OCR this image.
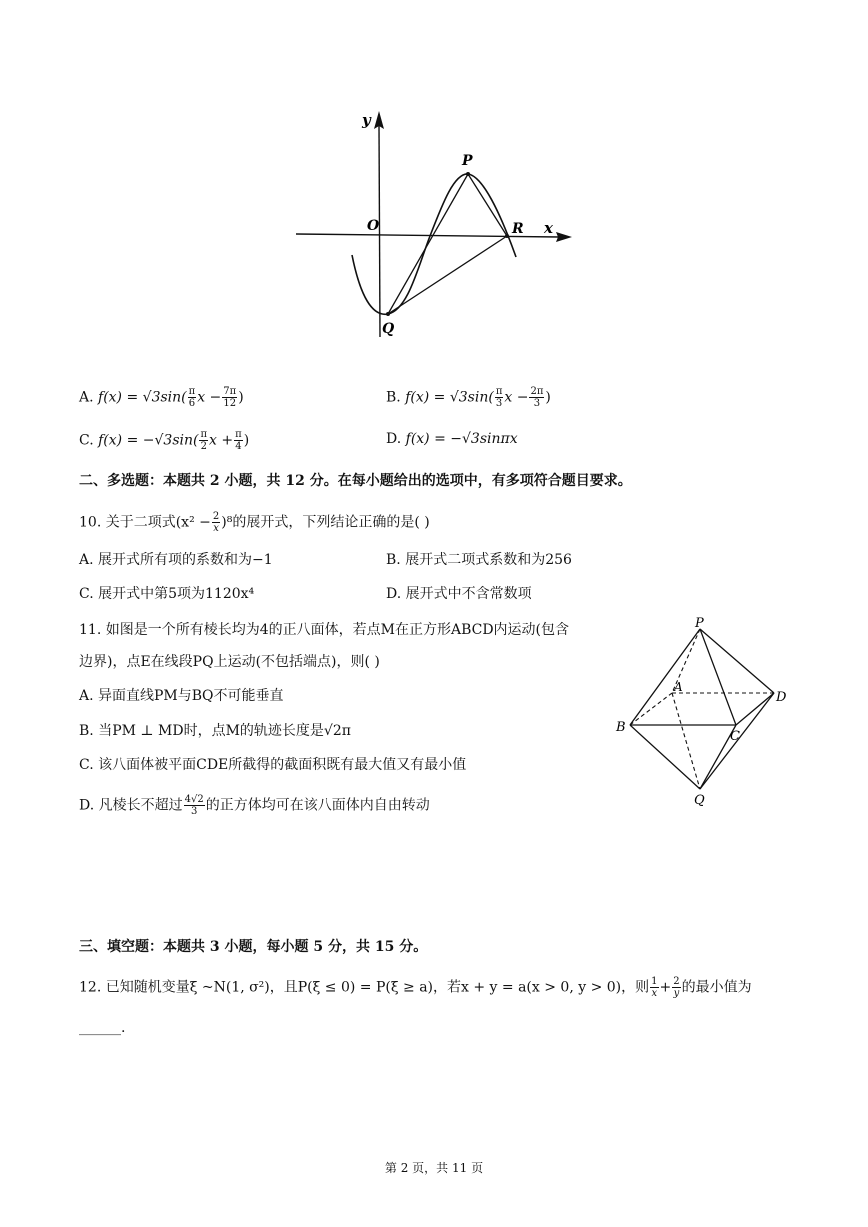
y
x
O
P
R
Q
A. $f(x) = √3\sin( \frac{\pi}{6}$ $x - \frac{7\pi}{12}$ )	B. $f(x) = √3\sin( \frac{\pi}{3}$ $x - \frac{2\pi}{3}$ )
C. $f(x) = -√3\sin( \frac{\pi}{2}$ $x + \frac{\pi}{4}$ )	D. f(x) = −√3sinπx
二、多选题：本题共 2 小题，共 12 分。在每小题给出的选项中，有多项符合题目要求。
10. 关于二项式$(x^2 - \frac{2}{x} )^8$的展开式，下列结论正确的是( )
A. 展开式所有项的系数和为−1	B. 展开式二项式系数和为256
C. 展开式中第5项为1120x⁴	D. 展开式中不含常数项
11. 如图是一个所有棱长均为4的正八面体，若点M在正方形ABCD内运动(包含
边界)，点E在线段PQ上运动(不包括端点)，则( )
A. 异面直线PM与BQ不可能垂直
B. 当PM ⊥ MD时，点M的轨迹长度是√2π
C. 该八面体被平面CDE所截得的截面积既有最大值又有最小值
D. 凡棱长不超过 $\frac{4√2}{3}$ 的正方体均可在该八面体内自由转动
P
A
B
C
D
Q
三、填空题：本题共 3 小题，每小题 5 分，共 15 分。
12. 已知随机变量ξ ~N(1, σ²)，且P(ξ ≤ 0) = P(ξ ≥ a)，若x + y = a(x > 0, y > 0)，则 $\frac{1}{x} + \frac{2}{y}$ 的最小值为
______.
第 2 页，共 11 页
